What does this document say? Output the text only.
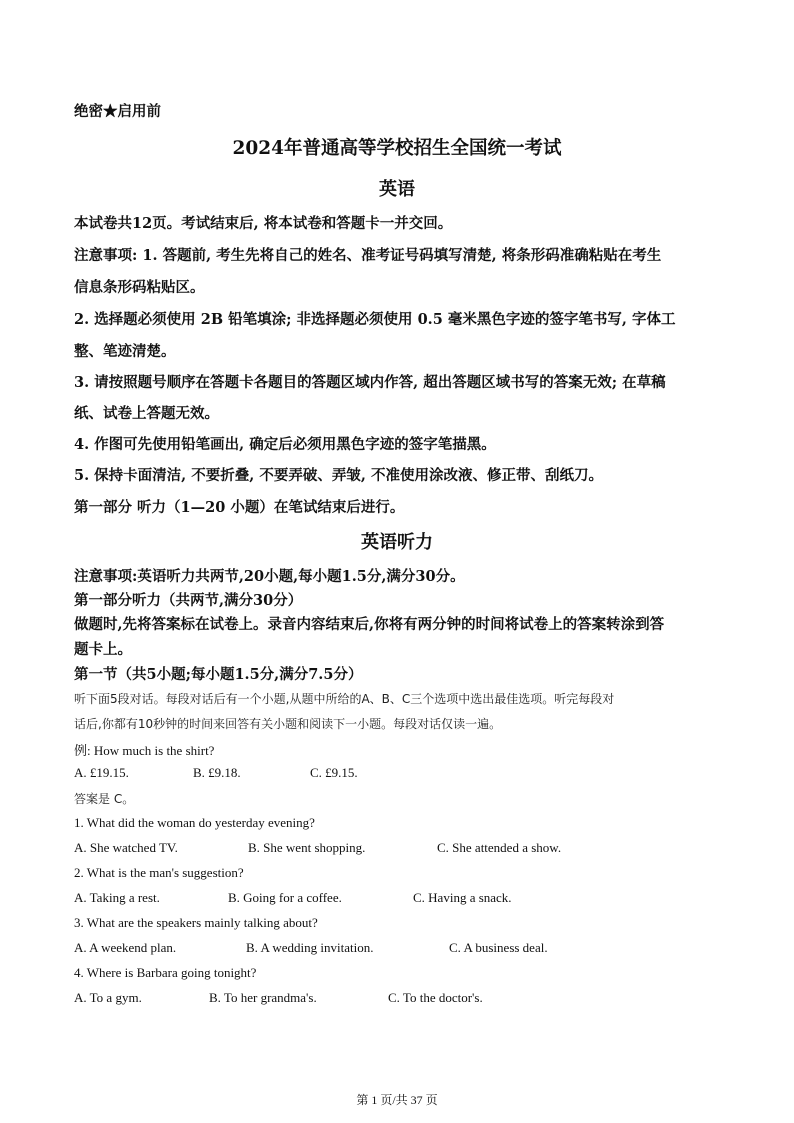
绝密★启用前
2024年普通高等学校招生全国统一考试
英语
本试卷共12页。考试结束后, 将本试卷和答题卡一并交回。
注意事项: 1. 答题前, 考生先将自己的姓名、准考证号码填写清楚, 将条形码准确粘贴在考生
信息条形码粘贴区。
2. 选择题必须使用 2B 铅笔填涂; 非选择题必须使用 0.5 毫米黑色字迹的签字笔书写, 字体工
整、笔迹清楚。
3. 请按照题号顺序在答题卡各题目的答题区域内作答, 超出答题区域书写的答案无效; 在草稿
纸、试卷上答题无效。
4. 作图可先使用铅笔画出, 确定后必须用黑色字迹的签字笔描黑。
5. 保持卡面清洁, 不要折叠, 不要弄破、弄皱, 不准使用涂改液、修正带、刮纸刀。
第一部分 听力（1—20 小题）在笔试结束后进行。
英语听力
注意事项:英语听力共两节,20小题,每小题1.5分,满分30分。
第一部分听力（共两节,满分30分）
做题时,先将答案标在试卷上。录音内容结束后,你将有两分钟的时间将试卷上的答案转涂到答
题卡上。
第一节（共5小题;每小题1.5分,满分7.5分）
听下面5段对话。每段对话后有一个小题,从题中所给的A、B、C三个选项中选出最佳选项。听完每段对
话后,你都有10秒钟的时间来回答有关小题和阅读下一小题。每段对话仅读一遍。
例: How much is the shirt?
A. £19.15.	B. £9.18.	C. £9.15.
答案是 C。
1. What did the woman do yesterday evening?
A. She watched TV.	B. She went shopping.	C. She attended a show.
2. What is the man's suggestion?
A. Taking a rest.	B. Going for a coffee.	C. Having a snack.
3. What are the speakers mainly talking about?
A. A weekend plan.	B. A wedding invitation.	C. A business deal.
4. Where is Barbara going tonight?
A. To a gym.	B. To her grandma's.	C. To the doctor's.
第 1 页/共 37 页
